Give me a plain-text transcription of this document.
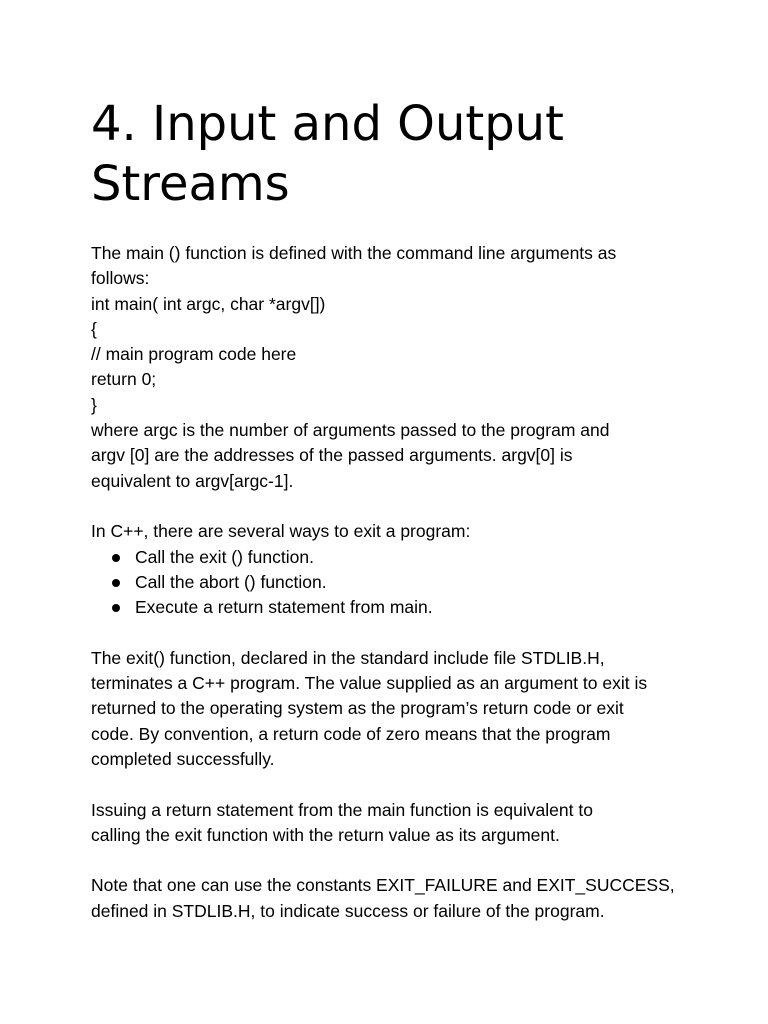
4. Input and Output Streams
The main () function is defined with the command line arguments as
follows:
int main( int argc, char *argv[])
{
// main program code here
return 0;
}
where argc is the number of arguments passed to the program and
argv [0] are the addresses of the passed arguments. argv[0] is
equivalent to argv[argc-1].
In C++, there are several ways to exit a program:
Call the exit () function.
Call the abort () function.
Execute a return statement from main.
The exit() function, declared in the standard include file STDLIB.H,
terminates a C++ program. The value supplied as an argument to exit is
returned to the operating system as the program’s return code or exit
code. By convention, a return code of zero means that the program
completed successfully.
Issuing a return statement from the main function is equivalent to
calling the exit function with the return value as its argument.
Note that one can use the constants EXIT_FAILURE and EXIT_SUCCESS,
defined in STDLIB.H, to indicate success or failure of the program.
